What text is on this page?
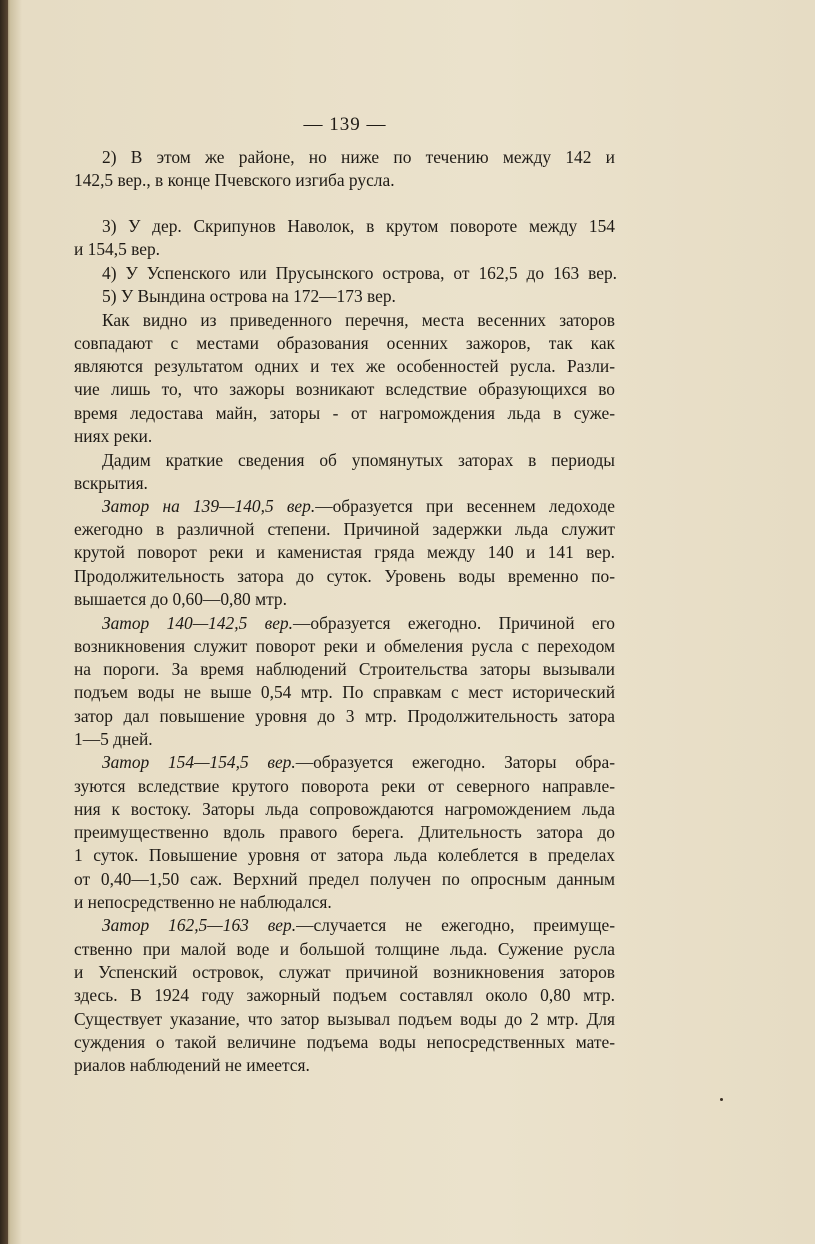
— 139 —
2) В этом же районе, но ниже по течению между 142 и
142,5 вер., в конце Пчевского изгиба русла.
3) У дер. Скрипунов Наволок, в крутом повороте между 154
и 154,5 вер.
4) У Успенского или Прусынского острова, от 162,5 до 163 вер.
5) У Вындина острова на 172—173 вер.
Как видно из приведенного перечня, места весенних заторов
совпадают с местами образования осенних зажоров, так как
являются результатом одних и тех же особенностей русла. Разли-
чие лишь то, что зажоры возникают вследствие образующихся во
время ледостава майн, заторы - от нагромождения льда в суже-
ниях реки.
Дадим краткие сведения об упомянутых заторах в периоды
вскрытия.
Затор на 139—140,5 вер.—образуется при весеннем ледоходе
ежегодно в различной степени. Причиной задержки льда служит
крутой поворот реки и каменистая гряда между 140 и 141 вер.
Продолжительность затора до суток. Уровень воды временно по-
вышается до 0,60—0,80 мтр.
Затор 140—142,5 вер.—образуется ежегодно. Причиной его
возникновения служит поворот реки и обмеления русла с переходом
на пороги. За время наблюдений Строительства заторы вызывали
подъем воды не выше 0,54 мтр. По справкам с мест исторический
затор дал повышение уровня до 3 мтр. Продолжительность затора
1—5 дней.
Затор 154—154,5 вер.—образуется ежегодно. Заторы обра-
зуются вследствие крутого поворота реки от северного направле-
ния к востоку. Заторы льда сопровождаются нагромождением льда
преимущественно вдоль правого берега. Длительность затора до
1 суток. Повышение уровня от затора льда колеблется в пределах
от 0,40—1,50 саж. Верхний предел получен по опросным данным
и непосредственно не наблюдался.
Затор 162,5—163 вер.—случается не ежегодно, преимуще-
ственно при малой воде и большой толщине льда. Сужение русла
и Успенский островок, служат причиной возникновения заторов
здесь. В 1924 году зажорный подъем составлял около 0,80 мтр.
Существует указание, что затор вызывал подъем воды до 2 мтр. Для
суждения о такой величине подъема воды непосредственных мате-
риалов наблюдений не имеется.
